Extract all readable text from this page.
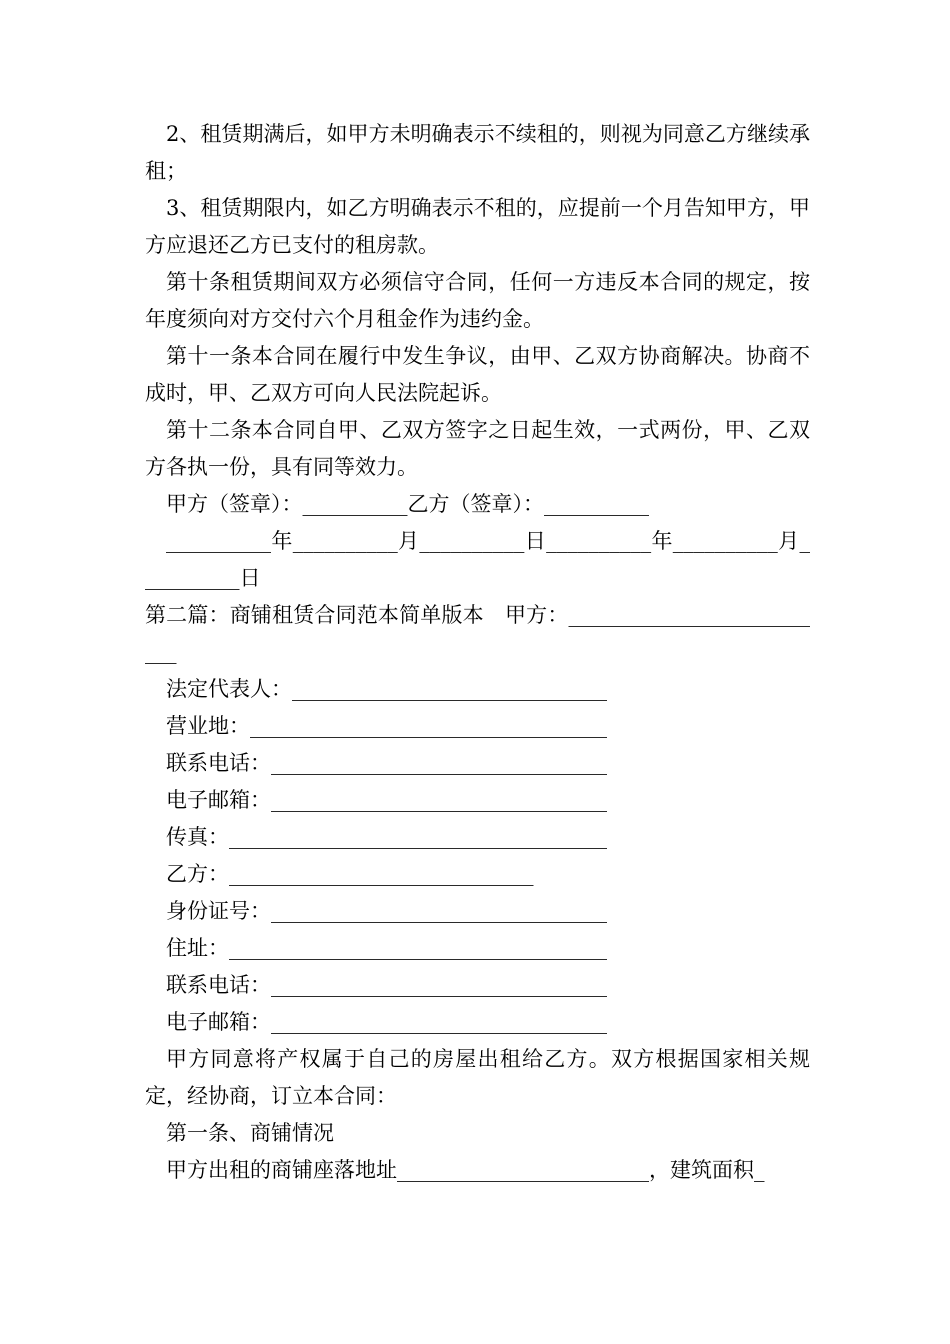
2、租赁期满后，如甲方未明确表示不续租的，则视为同意乙方继续承租；

3、租赁期限内，如乙方明确表示不租的，应提前一个月告知甲方，甲方应退还乙方已支付的租房款。

第十条租赁期间双方必须信守合同，任何一方违反本合同的规定，按年度须向对方交付六个月租金作为违约金。

第十一条本合同在履行中发生争议，由甲、乙双方协商解决。协商不成时，甲、乙双方可向人民法院起诉。

第十二条本合同自甲、乙双方签字之日起生效，一式两份，甲、乙双方各执一份，具有同等效力。

甲方（签章）：__________乙方（签章）：__________

__________年__________月__________日__________年__________月__________日

第二篇：商铺租赁合同范本简单版本　甲方：__________________________

法定代表人：______________________________

营业地：__________________________________

联系电话：________________________________

电子邮箱：________________________________

传真：____________________________________

乙方：_____________________________

身份证号：________________________________

住址：____________________________________

联系电话：________________________________

电子邮箱：________________________________

甲方同意将产权属于自己的房屋出租给乙方。双方根据国家相关规定，经协商，订立本合同：

第一条、商铺情况

甲方出租的商铺座落地址________________________，建筑面积_
